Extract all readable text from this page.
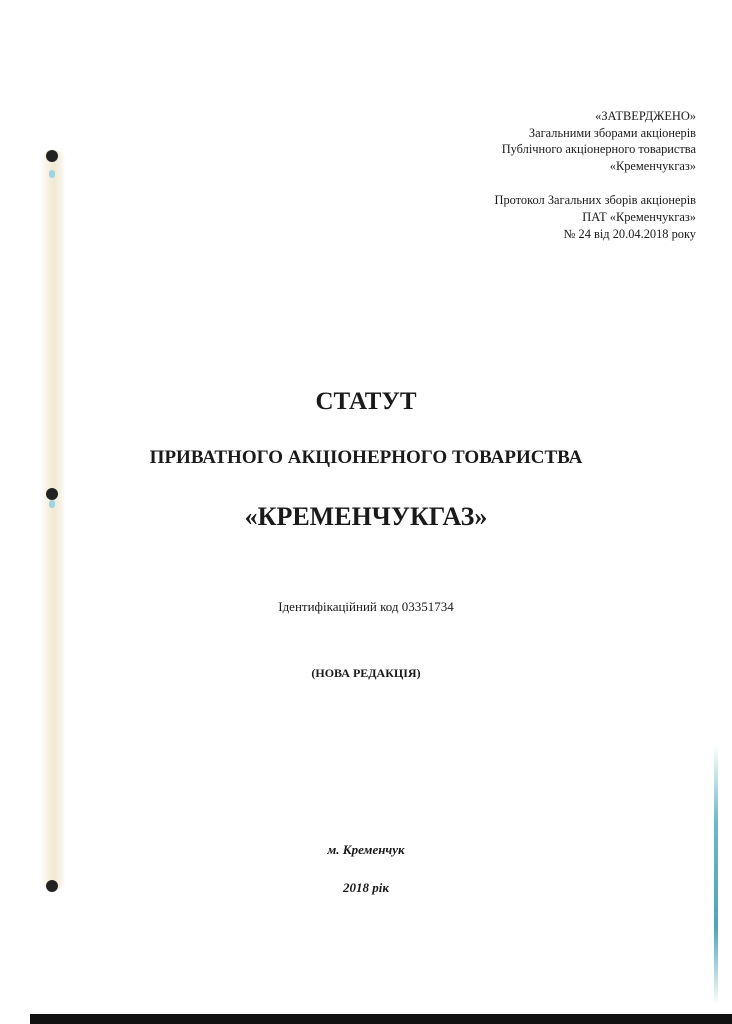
«ЗАТВЕРДЖЕНО»
Загальними зборами акціонерів
Публічного акціонерного товариства
«Кременчукгаз»
Протокол Загальних зборів акціонерів
ПАТ «Кременчукгаз»
№ 24 від 20.04.2018 року
СТАТУТ
ПРИВАТНОГО АКЦІОНЕРНОГО ТОВАРИСТВА
«КРЕМЕНЧУКГАЗ»
Ідентифікаційний код 03351734
(НОВА РЕДАКЦІЯ)
м. Кременчук
2018 рік
